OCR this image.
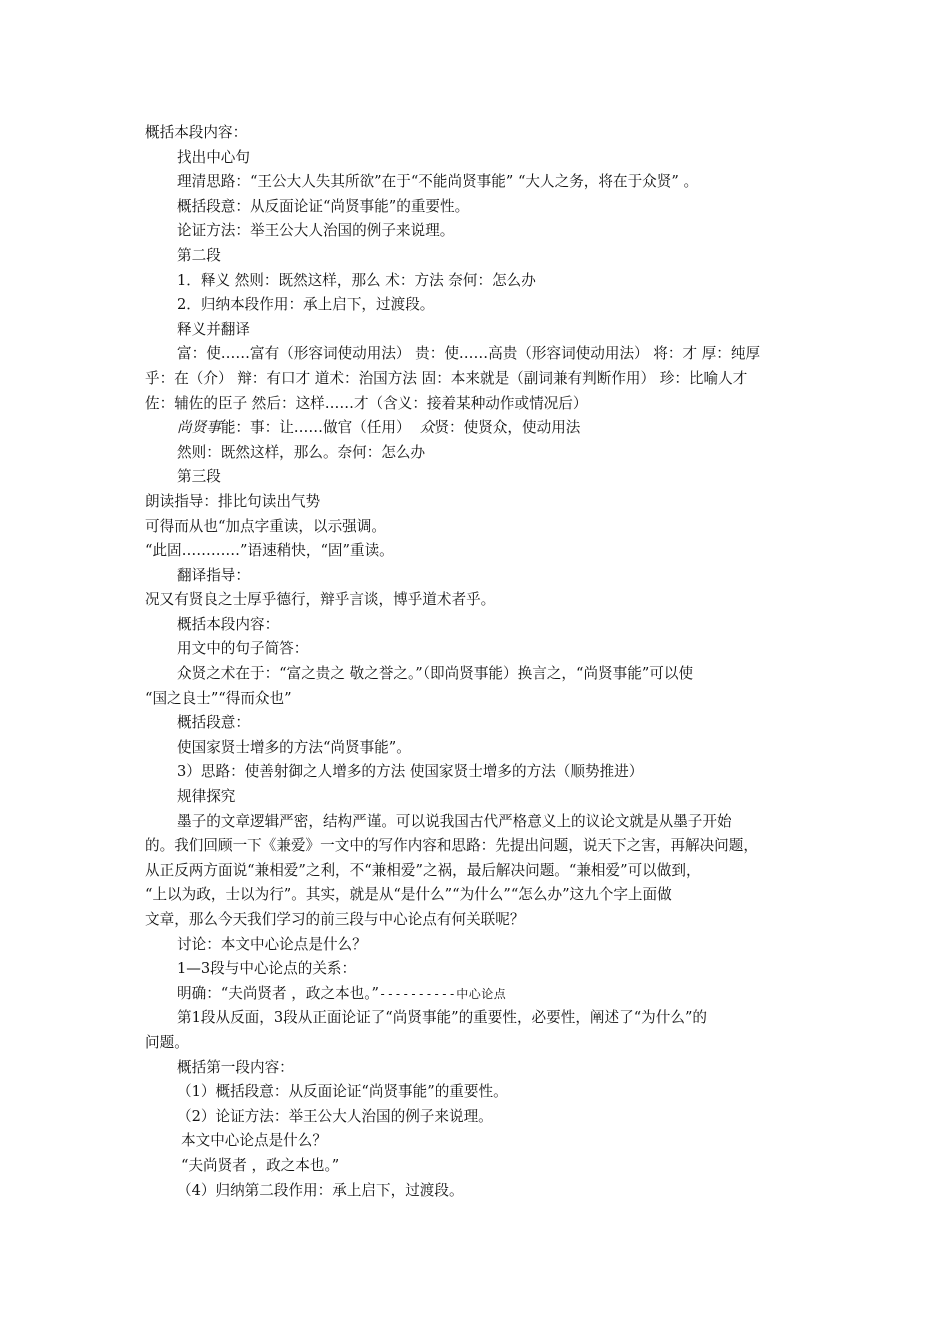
概括本段内容：
找出中心句
理清思路：“王公大人失其所欲”在于“不能尚贤事能” “大人之务，将在于众贤” 。
概括段意：从反面论证“尚贤事能”的重要性。
论证方法：举王公大人治国的例子来说理。
第二段
1．释义 然则：既然这样，那么 术：方法 奈何：怎么办
2．归纳本段作用：承上启下，过渡段。
释义并翻译
富：使……富有（形容词使动用法） 贵：使……高贵（形容词使动用法） 将：才 厚：纯厚
乎：在（介） 辩：有口才 道术：治国方法 固：本来就是（副词兼有判断作用） 珍：比喻人才
佐：辅佐的臣子 然后：这样……才（含义：接着某种动作或情况后）
尚贤事能：事：让……做官（任用） 众贤：使贤众，使动用法
然则：既然这样，那么。奈何：怎么办
第三段
朗读指导：排比句读出气势
可得而从也“加点字重读，以示强调。
“此固…………”语速稍快，“固”重读。
翻译指导：
况又有贤良之士厚乎德行，辩乎言谈，博乎道术者乎。
概括本段内容：
用文中的句子简答：
众贤之术在于：“富之贵之 敬之誉之。”（即尚贤事能）换言之，“尚贤事能”可以使
“国之良士”“得而众也”
概括段意：
使国家贤士增多的方法“尚贤事能”。
3）思路：使善射御之人增多的方法 使国家贤士增多的方法（顺势推进）
规律探究
墨子的文章逻辑严密，结构严谨。可以说我国古代严格意义上的议论文就是从墨子开始
的。我们回顾一下《兼爱》一文中的写作内容和思路：先提出问题，说天下之害，再解决问题，
从正反两方面说“兼相爱”之利，不“兼相爱”之祸，最后解决问题。“兼相爱”可以做到，
“上以为政，士以为行”。其实，就是从“是什么”“为什么”“怎么办”这九个字上面做
文章，那么今天我们学习的前三段与中心论点有何关联呢？
讨论：本文中心论点是什么？
1—3段与中心论点的关系：
明确：“夫尚贤者 ，政之本也。”----------中心论点
第1段从反面，3段从正面论证了“尚贤事能”的重要性，必要性，阐述了“为什么”的
问题。
概括第一段内容：
（1）概括段意：从反面论证“尚贤事能”的重要性。
（2）论证方法：举王公大人治国的例子来说理。
本文中心论点是什么？
“夫尚贤者 ，政之本也。”
（4）归纳第二段作用：承上启下，过渡段。
